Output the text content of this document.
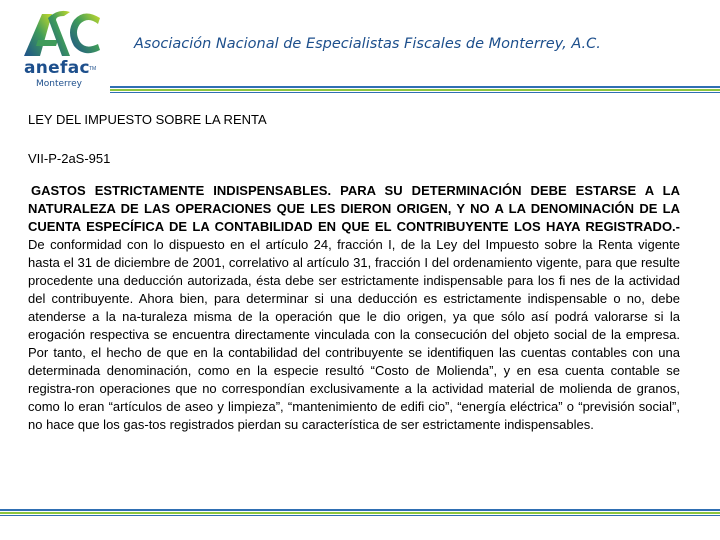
anefac TM
Monterrey
Asociación Nacional de Especialistas Fiscales de Monterrey, A.C.
LEY DEL IMPUESTO SOBRE LA RENTA
VII-P-2aS-951
GASTOS ESTRICTAMENTE INDISPENSABLES. PARA SU DETERMINACIÓN DEBE ESTARSE A LA NATURALEZA DE LAS OPERACIONES QUE LES DIERON ORIGEN, Y NO A LA DENOMINACIÓN DE LA CUENTA ESPECÍFICA DE LA CONTABILIDAD EN QUE EL CONTRIBUYENTE LOS HAYA REGISTRADO.- De conformidad con lo dispuesto en el artículo 24, fracción I, de la Ley del Impuesto sobre la Renta vigente hasta el 31 de diciembre de 2001, correlativo al artículo 31, fracción I del ordenamiento vigente, para que resulte procedente una deducción autorizada, ésta debe ser estrictamente indispensable para los fi nes de la actividad del contribuyente. Ahora bien, para determinar si una deducción es estrictamente indispensable o no, debe atenderse a la na-turaleza misma de la operación que le dio origen, ya que sólo así podrá valorarse si la erogación respectiva se encuentra directamente vinculada con la consecución del objeto social de la empresa. Por tanto, el hecho de que en la contabilidad del contribuyente se identifiquen las cuentas contables con una determinada denominación, como en la especie resultó “Costo de Molienda”, y en esa cuenta contable se registra-ron operaciones que no correspondían exclusivamente a la actividad material de molienda de granos, como lo eran “artículos de aseo y limpieza”, “mantenimiento de edifi cio”, “energía eléctrica” o “previsión social”, no hace que los gas-tos registrados pierdan su característica de ser estrictamente indispensables.
